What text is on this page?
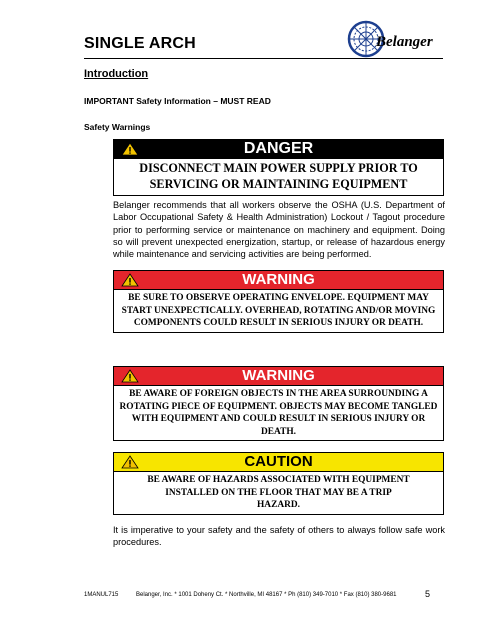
SINGLE ARCH	Belanger
Introduction
IMPORTANT Safety Information – MUST READ
Safety Warnings
DANGER
DISCONNECT MAIN POWER SUPPLY PRIOR TO SERVICING OR MAINTAINING EQUIPMENT
Belanger recommends that all workers observe the OSHA (U.S. Department of Labor Occupational Safety & Health Administration) Lockout / Tagout procedure prior to performing service or maintenance on machinery and equipment. Doing so will prevent unexpected energization, startup, or release of hazardous energy while maintenance and servicing activities are being performed.
WARNING
BE SURE TO OBSERVE OPERATING ENVELOPE. EQUIPMENT MAY START UNEXPECTICALLY. OVERHEAD, ROTATING AND/OR MOVING COMPONENTS COULD RESULT IN SERIOUS INJURY OR DEATH.
WARNING
BE AWARE OF FOREIGN OBJECTS IN THE AREA SURROUNDING A ROTATING PIECE OF EQUIPMENT. OBJECTS MAY BECOME TANGLED WITH EQUIPMENT AND COULD RESULT IN SERIOUS INJURY OR DEATH.
CAUTION
BE AWARE OF HAZARDS ASSOCIATED WITH EQUIPMENT INSTALLED ON THE FLOOR THAT MAY BE A TRIP HAZARD.
It is imperative to your safety and the safety of others to always follow safe work procedures.
1MANUL715	Belanger, Inc. * 1001 Doheny Ct. * Northville, MI 48167 * Ph (810) 349-7010 * Fax (810) 380-9681	5
